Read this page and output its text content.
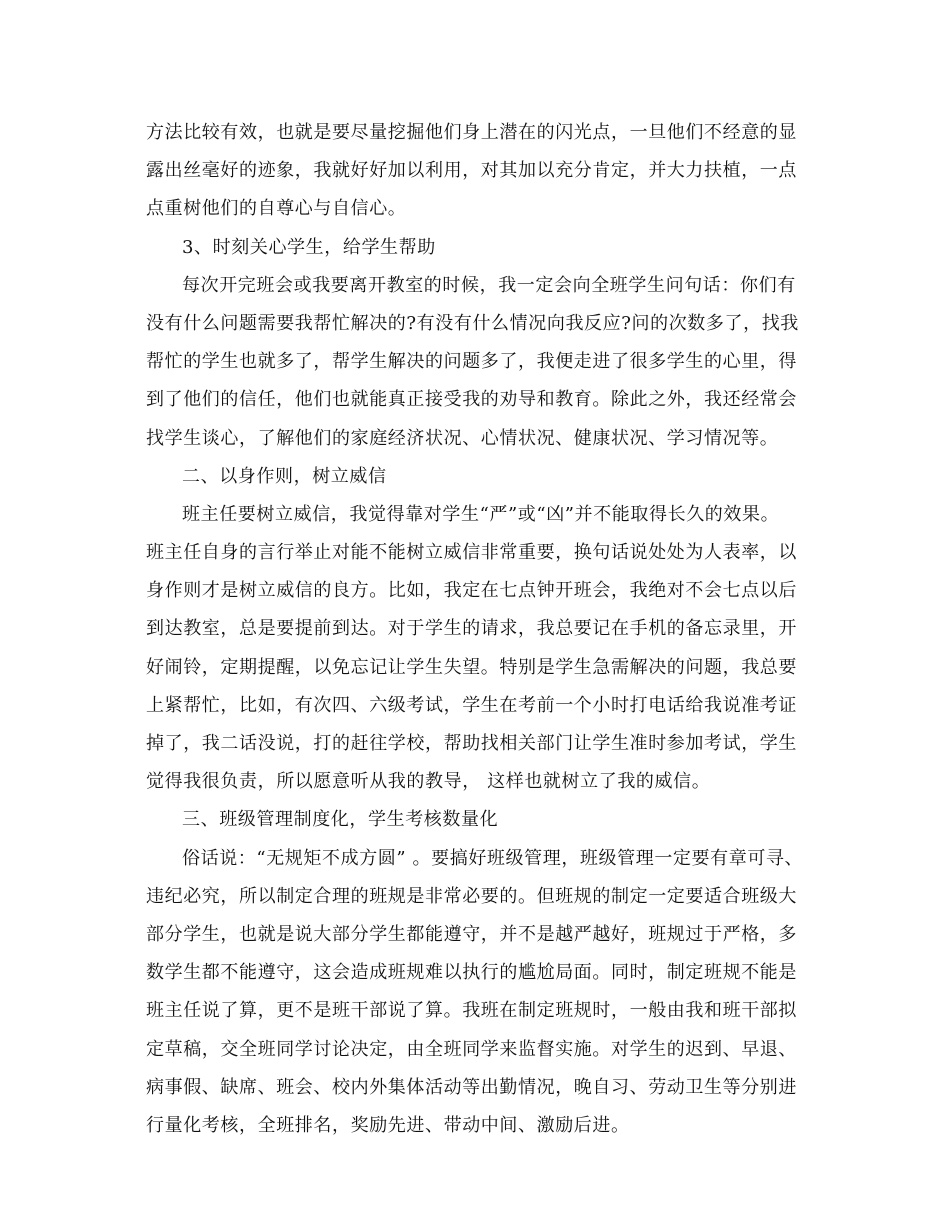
方法比较有效，也就是要尽量挖掘他们身上潜在的闪光点，一旦他们不经意的显
露出丝毫好的迹象，我就好好加以利用，对其加以充分肯定，并大力扶植，一点
点重树他们的自尊心与自信心。
3、时刻关心学生，给学生帮助
每次开完班会或我要离开教室的时候，我一定会向全班学生问句话：你们有
没有什么问题需要我帮忙解决的?有没有什么情况向我反应?问的次数多了，找我
帮忙的学生也就多了，帮学生解决的问题多了，我便走进了很多学生的心里，得
到了他们的信任，他们也就能真正接受我的劝导和教育。除此之外，我还经常会
找学生谈心，了解他们的家庭经济状况、心情状况、健康状况、学习情况等。
二、以身作则，树立威信
班主任要树立威信，我觉得靠对学生“严”或“凶”并不能取得长久的效果。
班主任自身的言行举止对能不能树立威信非常重要，换句话说处处为人表率，以
身作则才是树立威信的良方。比如，我定在七点钟开班会，我绝对不会七点以后
到达教室，总是要提前到达。对于学生的请求，我总要记在手机的备忘录里，开
好闹铃，定期提醒，以免忘记让学生失望。特别是学生急需解决的问题，我总要
上紧帮忙，比如，有次四、六级考试，学生在考前一个小时打电话给我说准考证
掉了，我二话没说，打的赶往学校，帮助找相关部门让学生准时参加考试，学生
觉得我很负责，所以愿意听从我的教导， 这样也就树立了我的威信。
三、班级管理制度化，学生考核数量化
俗话说：“无规矩不成方圆” 。要搞好班级管理，班级管理一定要有章可寻、
违纪必究，所以制定合理的班规是非常必要的。但班规的制定一定要适合班级大
部分学生，也就是说大部分学生都能遵守，并不是越严越好，班规过于严格，多
数学生都不能遵守，这会造成班规难以执行的尴尬局面。同时，制定班规不能是
班主任说了算，更不是班干部说了算。我班在制定班规时，一般由我和班干部拟
定草稿，交全班同学讨论决定，由全班同学来监督实施。对学生的迟到、早退、
病事假、缺席、班会、校内外集体活动等出勤情况，晚自习、劳动卫生等分别进
行量化考核，全班排名，奖励先进、带动中间、激励后进。
